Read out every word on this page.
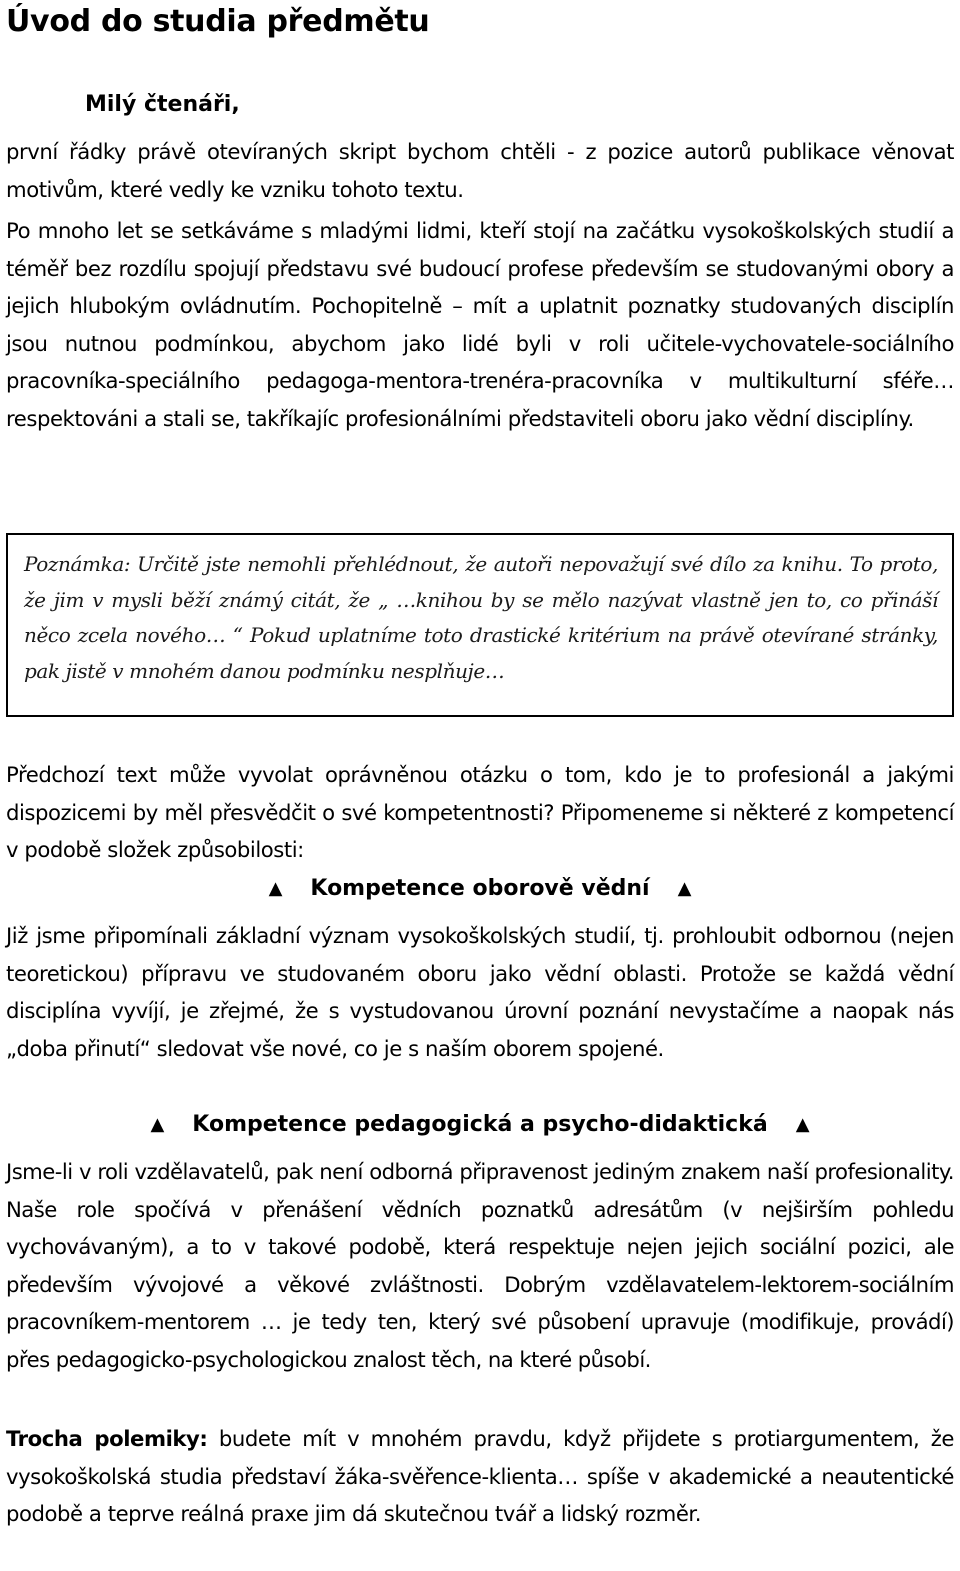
Úvod do studia předmětu

Milý čtenáři,

první řádky právě otevíraných skript bychom chtěli - z pozice autorů publikace věnovat motivům, které vedly ke vzniku tohoto textu.

Po mnoho let se setkáváme s mladými lidmi, kteří stojí na začátku vysokoškolských studií a téměř bez rozdílu spojují představu své budoucí profese především se studovanými obory a jejich hlubokým ovládnutím. Pochopitelně – mít a uplatnit poznatky studovaných disciplín jsou nutnou podmínkou, abychom jako lidé byli v roli učitele-vychovatele-sociálního pracovníka-speciálního pedagoga-mentora-trenéra-pracovníka v multikulturní sféře… respektováni a stali se, takříkajíc profesionálními představiteli oboru jako vědní disciplíny.

Poznámka: Určitě jste nemohli přehlédnout, že autoři nepovažují své dílo za knihu. To proto, že jim v mysli běží známý citát, že „ …knihou by se mělo nazývat vlastně jen to, co přináší něco zcela nového… “ Pokud uplatníme toto drastické kritérium na právě otevírané stránky, pak jistě v mnohém danou podmínku nesplňuje…

Předchozí text může vyvolat oprávněnou otázku o tom, kdo je to profesionál a jakými dispozicemi by měl přesvědčit o své kompetentnosti? Připomeneme si některé z kompetencí v podobě složek způsobilosti:

▲ Kompetence oborově vědní ▲

Již jsme připomínali základní význam vysokoškolských studií, tj. prohloubit odbornou (nejen teoretickou) přípravu ve studovaném oboru jako vědní oblasti. Protože se každá vědní disciplína vyvíjí, je zřejmé, že s vystudovanou úrovní poznání nevystačíme a naopak nás „doba přinutí“ sledovat vše nové, co je s naším oborem spojené.

▲ Kompetence pedagogická a psycho-didaktická ▲

Jsme-li v roli vzdělavatelů, pak není odborná připravenost jediným znakem naší profesionality. Naše role spočívá v přenášení vědních poznatků adresátům (v nejširším pohledu vychovávaným), a to v takové podobě, která respektuje nejen jejich sociální pozici, ale především vývojové a věkové zvláštnosti. Dobrým vzdělavatelem-lektorem-sociálním pracovníkem-mentorem … je tedy ten, který své působení upravuje (modifikuje, provádí) přes pedagogicko-psychologickou znalost těch, na které působí.

Trocha polemiky: budete mít v mnohém pravdu, když přijdete s protiargumentem, že vysokoškolská studia představí žáka-svěřence-klienta… spíše v akademické a neautentické podobě a teprve reálná praxe jim dá skutečnou tvář a lidský rozměr.
